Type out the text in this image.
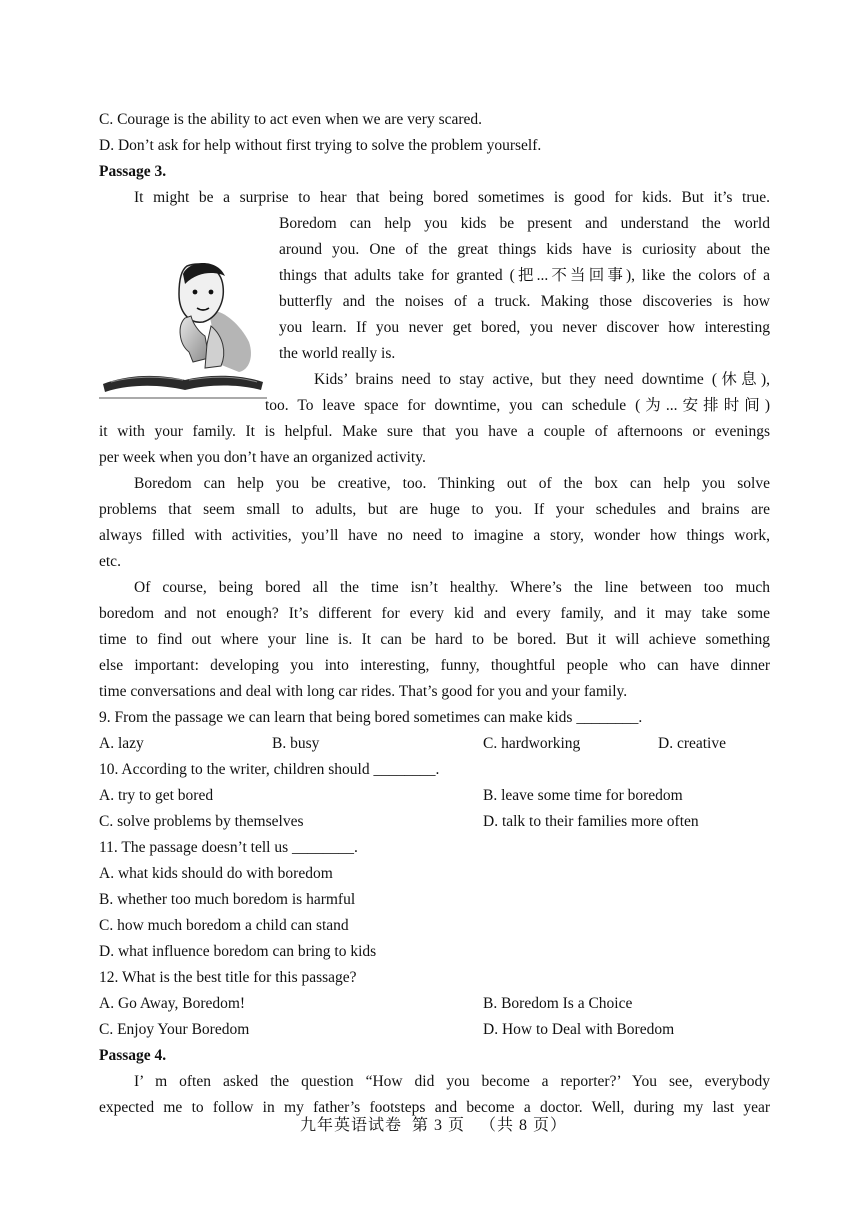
C. Courage is the ability to act even when we are very scared.
D. Don’t ask for help without first trying to solve the problem yourself.
Passage 3.
It might be a surprise to hear that being bored sometimes is good for kids. But it’s true.
Boredom can help you kids be present and understand the world
around you. One of the great things kids have is curiosity about the
things that adults take for granted (把...不当回事), like the colors of a
butterfly and the noises of a truck. Making those discoveries is how
you learn. If you never get bored, you never discover how interesting
the world really is.
Kids’ brains need to stay active, but they need downtime (休息),
too. To leave space for downtime, you can schedule (为...安排时间)
it with your family. It is helpful. Make sure that you have a couple of afternoons or evenings
per week when you don’t have an organized activity.
Boredom can help you be creative, too. Thinking out of the box can help you solve
problems that seem small to adults, but are huge to you. If your schedules and brains are
always filled with activities, you’ll have no need to imagine a story, wonder how things work,
etc.
Of course, being bored all the time isn’t healthy. Where’s the line between too much
boredom and not enough? It’s different for every kid and every family, and it may take some
time to find out where your line is. It can be hard to be bored. But it will achieve something
else important: developing you into interesting, funny, thoughtful people who can have dinner
time conversations and deal with long car rides. That’s good for you and your family.
9. From the passage we can learn that being bored sometimes can make kids ________.
A. lazy	B. busy	C. hardworking	D. creative
10. According to the writer, children should ________.
A. try to get bored	B. leave some time for boredom
C. solve problems by themselves	D. talk to their families more often
11. The passage doesn’t tell us ________.
A. what kids should do with boredom
B. whether too much boredom is harmful
C. how much boredom a child can stand
D. what influence boredom can bring to kids
12. What is the best title for this passage?
A. Go Away, Boredom!	B. Boredom Is a Choice
C. Enjoy Your Boredom	D. How to Deal with Boredom
Passage 4.
I’ m often asked the question “How did you become a reporter?’ You see, everybody
expected me to follow in my father’s footsteps and become a doctor. Well, during my last year
九年英语试卷  第 3 页   （共 8 页）
